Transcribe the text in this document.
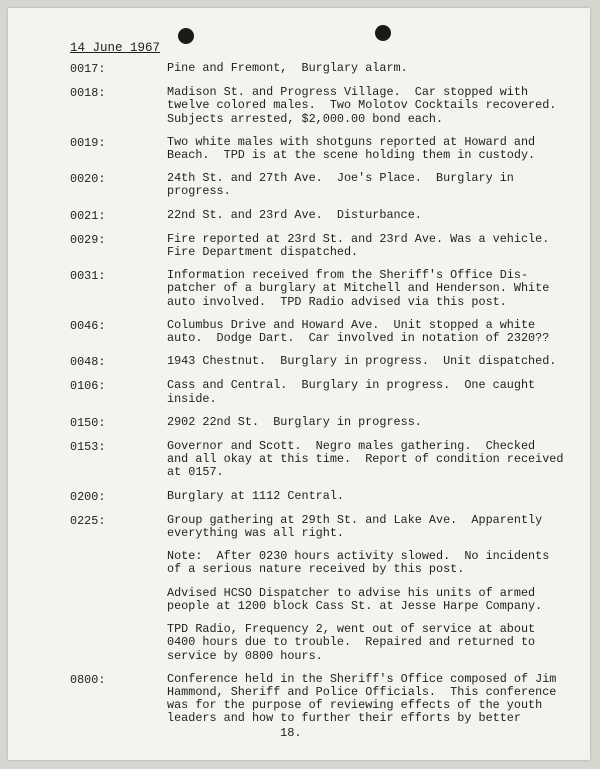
14 June 1967
0017:	Pine and Fremont,  Burglary alarm.
0018:	Madison St. and Progress Village.  Car stopped with
twelve colored males.  Two Molotov Cocktails recovered.
Subjects arrested, $2,000.00 bond each.
0019:	Two white males with shotguns reported at Howard and
Beach.  TPD is at the scene holding them in custody.
0020:	24th St. and 27th Ave.  Joe's Place.  Burglary in
progress.
0021:	22nd St. and 23rd Ave.  Disturbance.
0029:	Fire reported at 23rd St. and 23rd Ave. Was a vehicle.
Fire Department dispatched.
0031:	Information received from the Sheriff's Office Dis-
patcher of a burglary at Mitchell and Henderson. White
auto involved.  TPD Radio advised via this post.
0046:	Columbus Drive and Howard Ave.  Unit stopped a white
auto.  Dodge Dart.  Car involved in notation of 2320??
0048:	1943 Chestnut.  Burglary in progress.  Unit dispatched.
0106:	Cass and Central.  Burglary in progress.  One caught
inside.
0150:	2902 22nd St.  Burglary in progress.
0153:	Governor and Scott.  Negro males gathering.  Checked
and all okay at this time.  Report of condition received
at 0157.
0200:	Burglary at 1112 Central.
0225:	Group gathering at 29th St. and Lake Ave.  Apparently
everything was all right.
Note:  After 0230 hours activity slowed.  No incidents
of a serious nature received by this post.
Advised HCSO Dispatcher to advise his units of armed
people at 1200 block Cass St. at Jesse Harpe Company.
TPD Radio, Frequency 2, went out of service at about
0400 hours due to trouble.  Repaired and returned to
service by 0800 hours.
0800:	Conference held in the Sheriff's Office composed of Jim
Hammond, Sheriff and Police Officials.  This conference
was for the purpose of reviewing effects of the youth
leaders and how to further their efforts by better
18.
